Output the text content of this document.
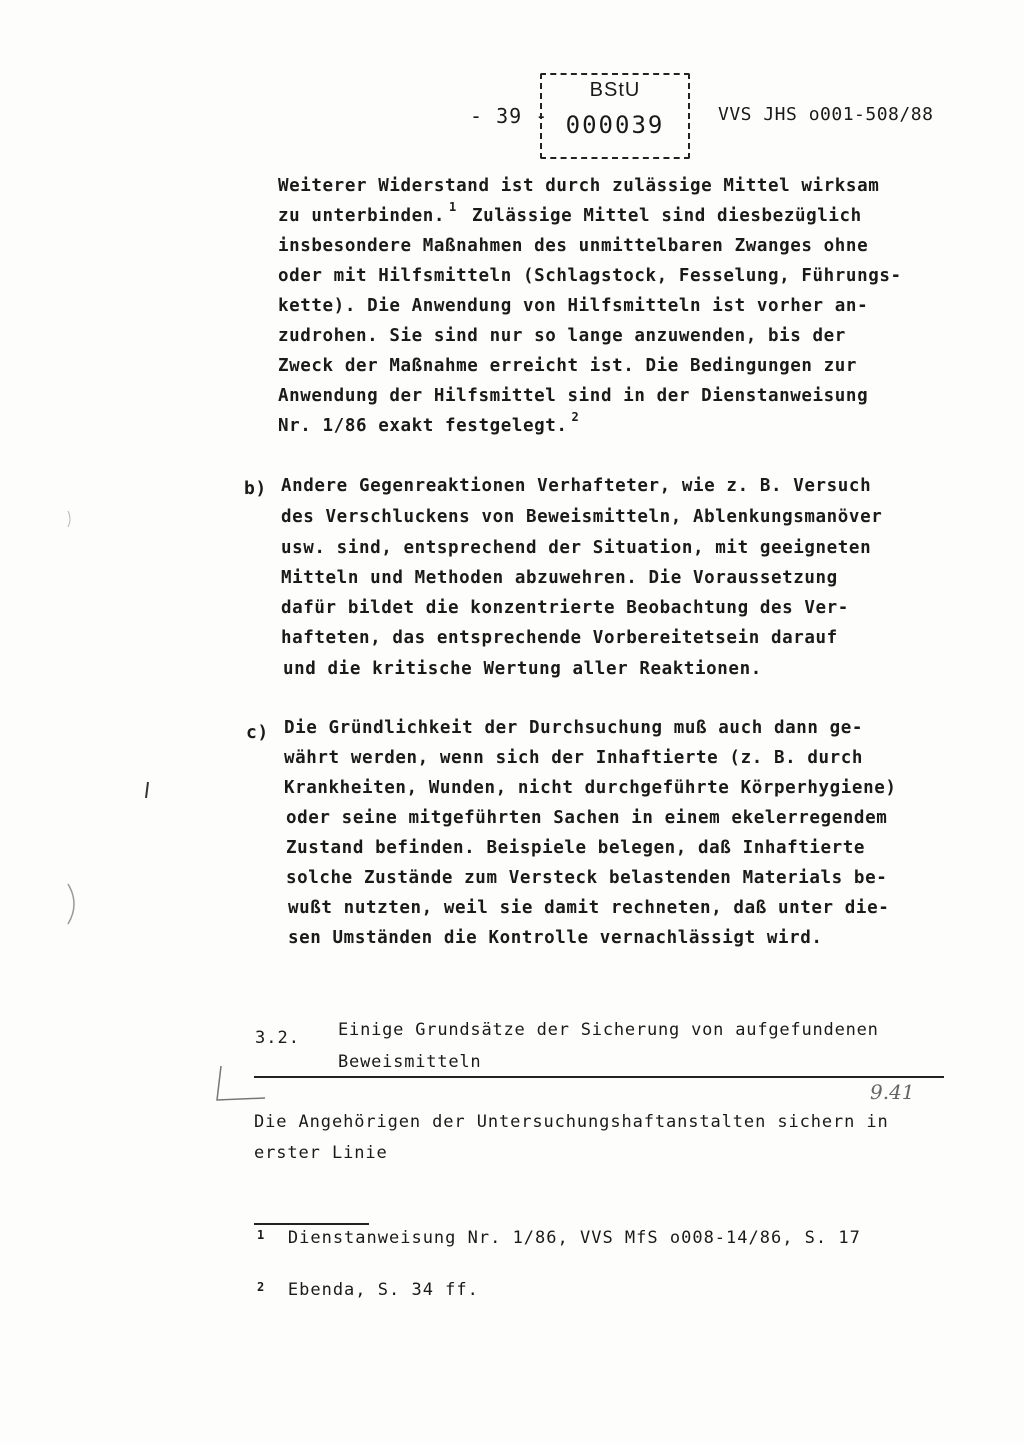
- 39 -
BStU
000039	VVS JHS o001-508/88
Weiterer Widerstand ist durch zulässige Mittel wirksam
zu unterbinden. $^1$ Zulässige Mittel sind diesbezüglich
insbesondere Maßnahmen des unmittelbaren Zwanges ohne
oder mit Hilfsmitteln (Schlagstock, Fesselung, Führungs-
kette). Die Anwendung von Hilfsmitteln ist vorher an-
zudrohen. Sie sind nur so lange anzuwenden, bis der
Zweck der Maßnahme erreicht ist. Die Bedingungen zur
Anwendung der Hilfsmittel sind in der Dienstanweisung
Nr. 1/86 exakt festgelegt. $^2$
b) Andere Gegenreaktionen Verhafteter, wie z. B. Versuch
des Verschluckens von Beweismitteln, Ablenkungsmanöver
usw. sind, entsprechend der Situation, mit geeigneten
Mitteln und Methoden abzuwehren. Die Voraussetzung
dafür bildet die konzentrierte Beobachtung des Ver-
hafteten, das entsprechende Vorbereitetsein darauf
und die kritische Wertung aller Reaktionen.
c) Die Gründlichkeit der Durchsuchung muß auch dann ge-
währt werden, wenn sich der Inhaftierte (z. B. durch
Krankheiten, Wunden, nicht durchgeführte Körperhygiene)
oder seine mitgeführten Sachen in einem ekelerregendem
Zustand befinden. Beispiele belegen, daß Inhaftierte
solche Zustände zum Versteck belastenden Materials be-
wußt nutzten, weil sie damit rechneten, daß unter die-
sen Umständen die Kontrolle vernachlässigt wird.
3.2. Einige Grundsätze der Sicherung von aufgefundenen
Beweismitteln
9.41
Die Angehörigen der Untersuchungshaftanstalten sichern in
erster Linie
$^1$ Dienstanweisung Nr. 1/86, VVS MfS o008-14/86, S. 17
$^2$ Ebenda, S. 34 ff.
